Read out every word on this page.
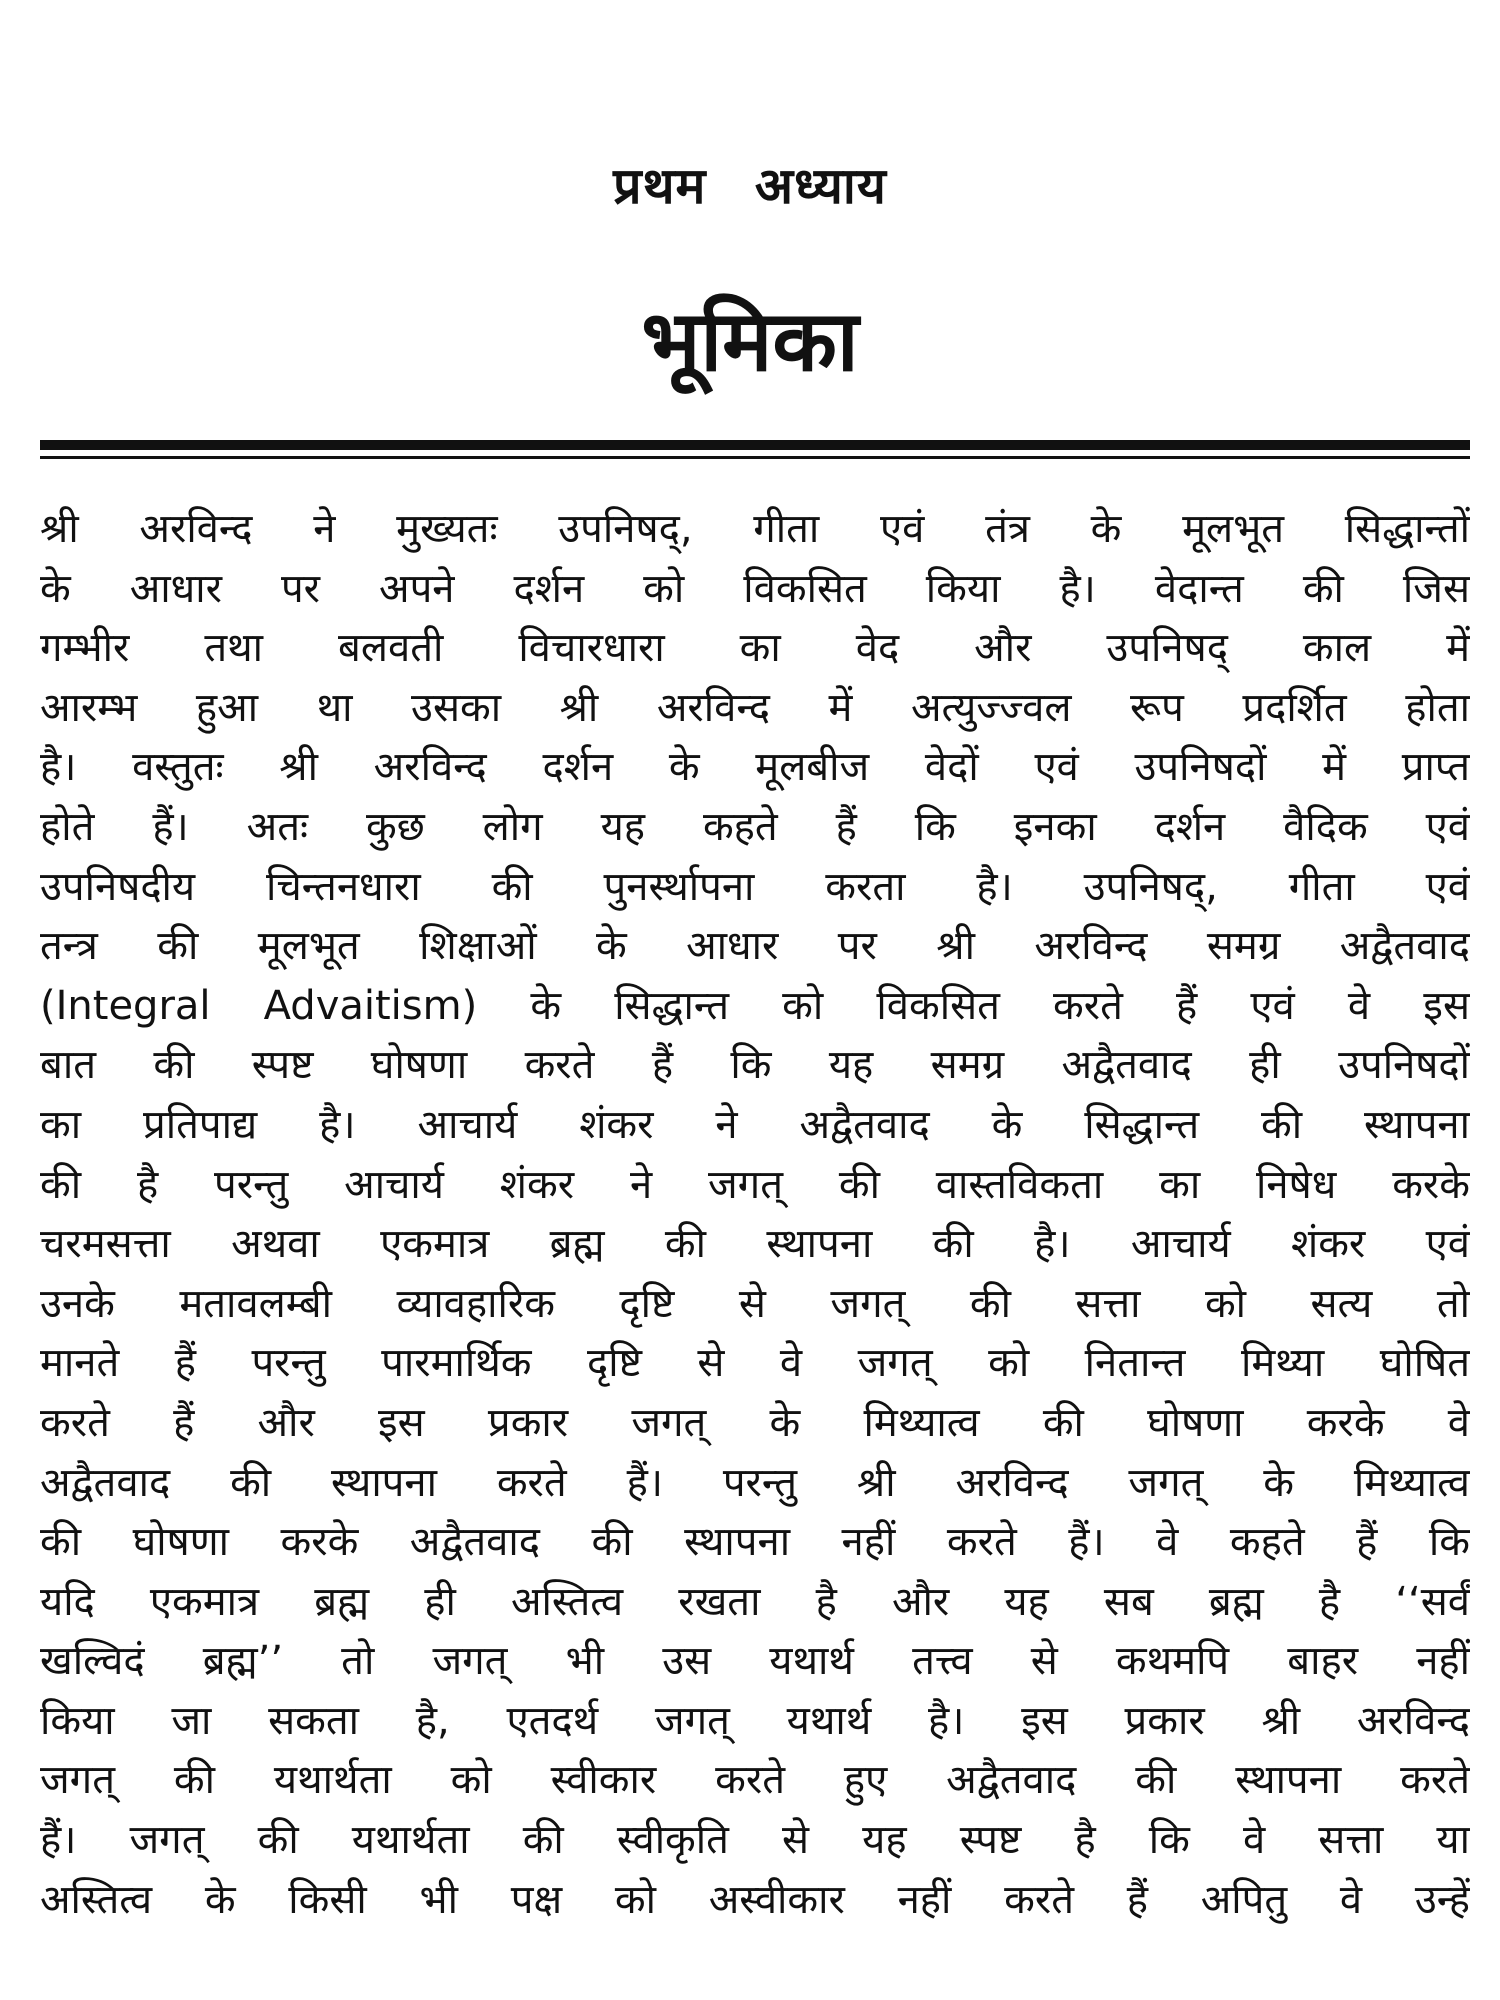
प्रथम अध्याय
भूमिका
श्री अरविन्द ने मुख्यतः उपनिषद्, गीता एवं तंत्र के मूलभूत सिद्धान्तों
के आधार पर अपने दर्शन को विकसित किया है। वेदान्त की जिस
गम्भीर तथा बलवती विचारधारा का वेद और उपनिषद् काल में
आरम्भ हुआ था उसका श्री अरविन्द में अत्युज्ज्वल रूप प्रदर्शित होता
है। वस्तुतः श्री अरविन्द दर्शन के मूलबीज वेदों एवं उपनिषदों में प्राप्त
होते हैं। अतः कुछ लोग यह कहते हैं कि इनका दर्शन वैदिक एवं
उपनिषदीय चिन्तनधारा की पुनर्स्थापना करता है। उपनिषद्, गीता एवं
तन्त्र की मूलभूत शिक्षाओं के आधार पर श्री अरविन्द समग्र अद्वैतवाद
(Integral Advaitism) के सिद्धान्त को विकसित करते हैं एवं वे इस
बात की स्पष्ट घोषणा करते हैं कि यह समग्र अद्वैतवाद ही उपनिषदों
का प्रतिपाद्य है। आचार्य शंकर ने अद्वैतवाद के सिद्धान्त की स्थापना
की है परन्तु आचार्य शंकर ने जगत् की वास्तविकता का निषेध करके
चरमसत्ता अथवा एकमात्र ब्रह्म की स्थापना की है। आचार्य शंकर एवं
उनके मतावलम्बी व्यावहारिक दृष्टि से जगत् की सत्ता को सत्य तो
मानते हैं परन्तु पारमार्थिक दृष्टि से वे जगत् को नितान्त मिथ्या घोषित
करते हैं और इस प्रकार जगत् के मिथ्यात्व की घोषणा करके वे
अद्वैतवाद की स्थापना करते हैं। परन्तु श्री अरविन्द जगत् के मिथ्यात्व
की घोषणा करके अद्वैतवाद की स्थापना नहीं करते हैं। वे कहते हैं कि
यदि एकमात्र ब्रह्म ही अस्तित्व रखता है और यह सब ब्रह्म है ‘‘सर्वं
खल्विदं ब्रह्म’’ तो जगत् भी उस यथार्थ तत्त्व से कथमपि बाहर नहीं
किया जा सकता है, एतदर्थ जगत् यथार्थ है। इस प्रकार श्री अरविन्द
जगत् की यथार्थता को स्वीकार करते हुए अद्वैतवाद की स्थापना करते
हैं। जगत् की यथार्थता की स्वीकृति से यह स्पष्ट है कि वे सत्ता या
अस्तित्व के किसी भी पक्ष को अस्वीकार नहीं करते हैं अपितु वे उन्हें
